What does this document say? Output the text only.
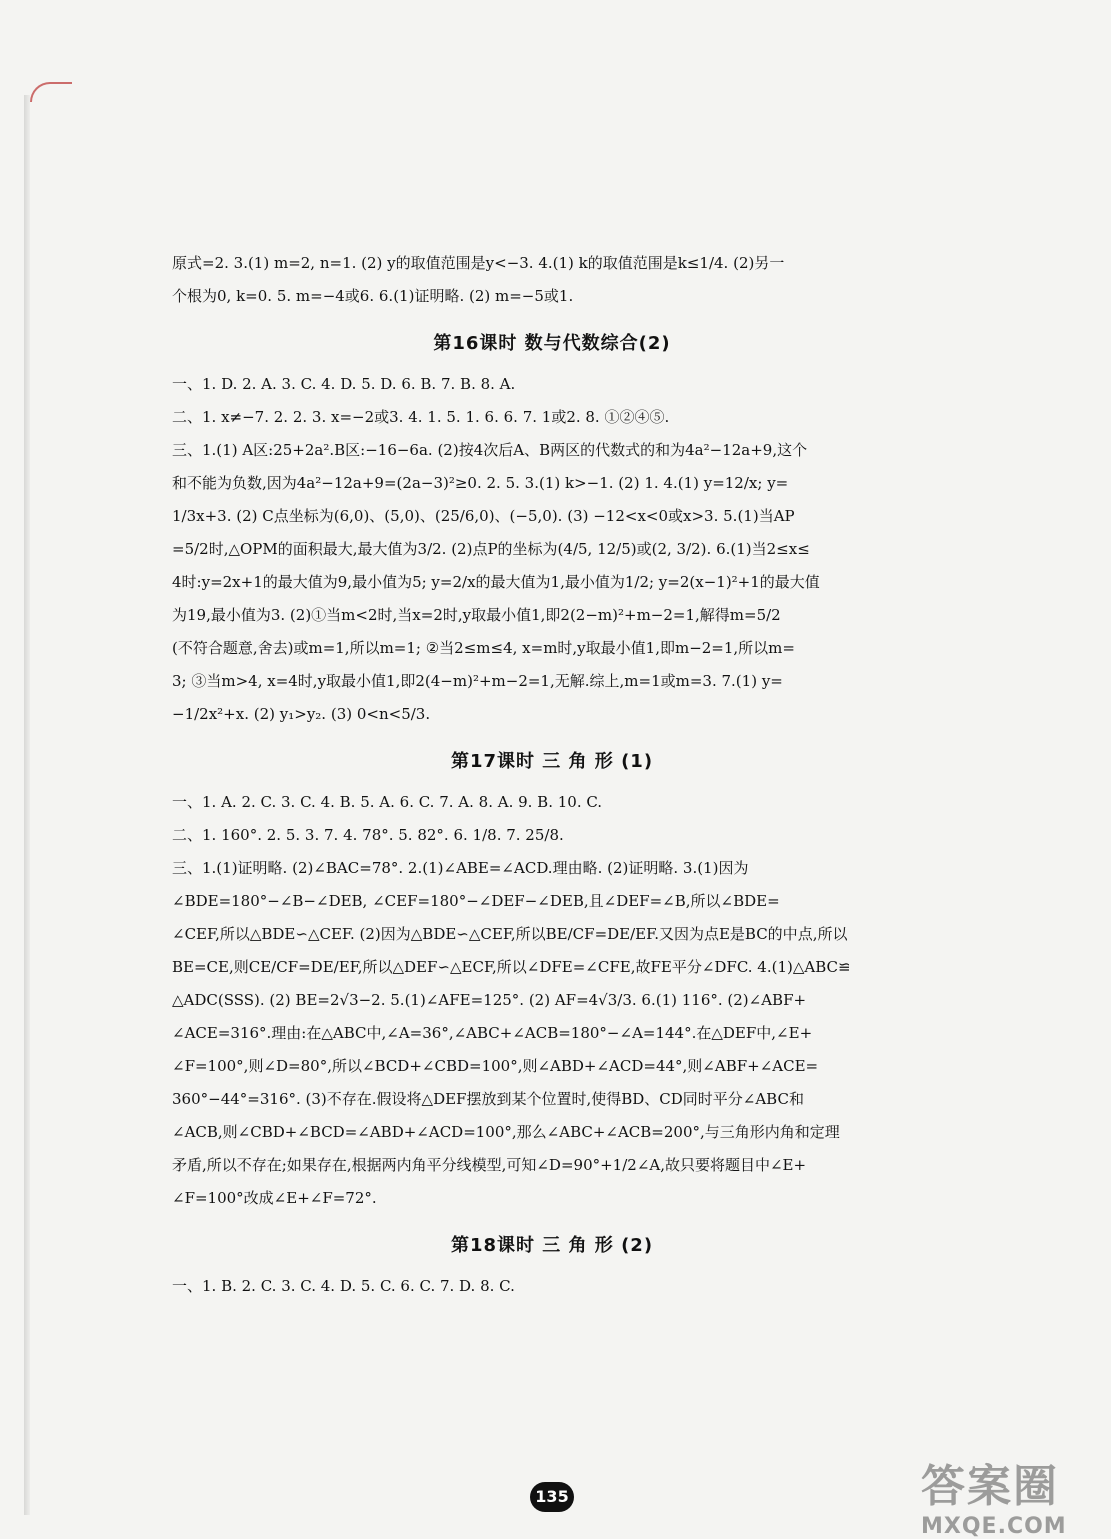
原式=2. 3.(1) m=2, n=1. (2) y的取值范围是y<−3. 4.(1) k的取值范围是k≤1/4. (2)另一

个根为0, k=0. 5. m=−4或6. 6.(1)证明略. (2) m=−5或1.

第16课时 数与代数综合(2)

一、1. D. 2. A. 3. C. 4. D. 5. D. 6. B. 7. B. 8. A.

二、1. x≠−7. 2. 2. 3. x=−2或3. 4. 1. 5. 1. 6. 6. 7. 1或2. 8. ①②④⑤.

三、1.(1) A区:25+2a².B区:−16−6a. (2)按4次后A、B两区的代数式的和为4a²−12a+9,这个

和不能为负数,因为4a²−12a+9=(2a−3)²≥0. 2. 5. 3.(1) k>−1. (2) 1. 4.(1) y=12/x; y=

1/3x+3. (2) C点坐标为(6,0)、(5,0)、(25/6,0)、(−5,0). (3) −12<x<0或x>3. 5.(1)当AP

=5/2时,△OPM的面积最大,最大值为3/2. (2)点P的坐标为(4/5, 12/5)或(2, 3/2). 6.(1)当2≤x≤

4时:y=2x+1的最大值为9,最小值为5; y=2/x的最大值为1,最小值为1/2; y=2(x−1)²+1的最大值

为19,最小值为3. (2)①当m<2时,当x=2时,y取最小值1,即2(2−m)²+m−2=1,解得m=5/2

(不符合题意,舍去)或m=1,所以m=1; ②当2≤m≤4, x=m时,y取最小值1,即m−2=1,所以m=

3; ③当m>4, x=4时,y取最小值1,即2(4−m)²+m−2=1,无解.综上,m=1或m=3. 7.(1) y=

−1/2x²+x. (2) y₁>y₂. (3) 0<n<5/3.

第17课时 三 角 形 (1)

一、1. A. 2. C. 3. C. 4. B. 5. A. 6. C. 7. A. 8. A. 9. B. 10. C.

二、1. 160°. 2. 5. 3. 7. 4. 78°. 5. 82°. 6. 1/8. 7. 25/8.

三、1.(1)证明略. (2)∠BAC=78°. 2.(1)∠ABE=∠ACD.理由略. (2)证明略. 3.(1)因为

∠BDE=180°−∠B−∠DEB, ∠CEF=180°−∠DEF−∠DEB,且∠DEF=∠B,所以∠BDE=

∠CEF,所以△BDE∽△CEF. (2)因为△BDE∽△CEF,所以BE/CF=DE/EF.又因为点E是BC的中点,所以

BE=CE,则CE/CF=DE/EF,所以△DEF∽△ECF,所以∠DFE=∠CFE,故FE平分∠DFC. 4.(1)△ABC≌

△ADC(SSS). (2) BE=2√3−2. 5.(1)∠AFE=125°. (2) AF=4√3/3. 6.(1) 116°. (2)∠ABF+

∠ACE=316°.理由:在△ABC中,∠A=36°,∠ABC+∠ACB=180°−∠A=144°.在△DEF中,∠E+

∠F=100°,则∠D=80°,所以∠BCD+∠CBD=100°,则∠ABD+∠ACD=44°,则∠ABF+∠ACE=

360°−44°=316°. (3)不存在.假设将△DEF摆放到某个位置时,使得BD、CD同时平分∠ABC和

∠ACB,则∠CBD+∠BCD=∠ABD+∠ACD=100°,那么∠ABC+∠ACB=200°,与三角形内角和定理

矛盾,所以不存在;如果存在,根据两内角平分线模型,可知∠D=90°+1/2∠A,故只要将题目中∠E+

∠F=100°改成∠E+∠F=72°.

第18课时 三 角 形 (2)

一、1. B. 2. C. 3. C. 4. D. 5. C. 6. C. 7. D. 8. C.

135	答案圈
MXQE.COM
